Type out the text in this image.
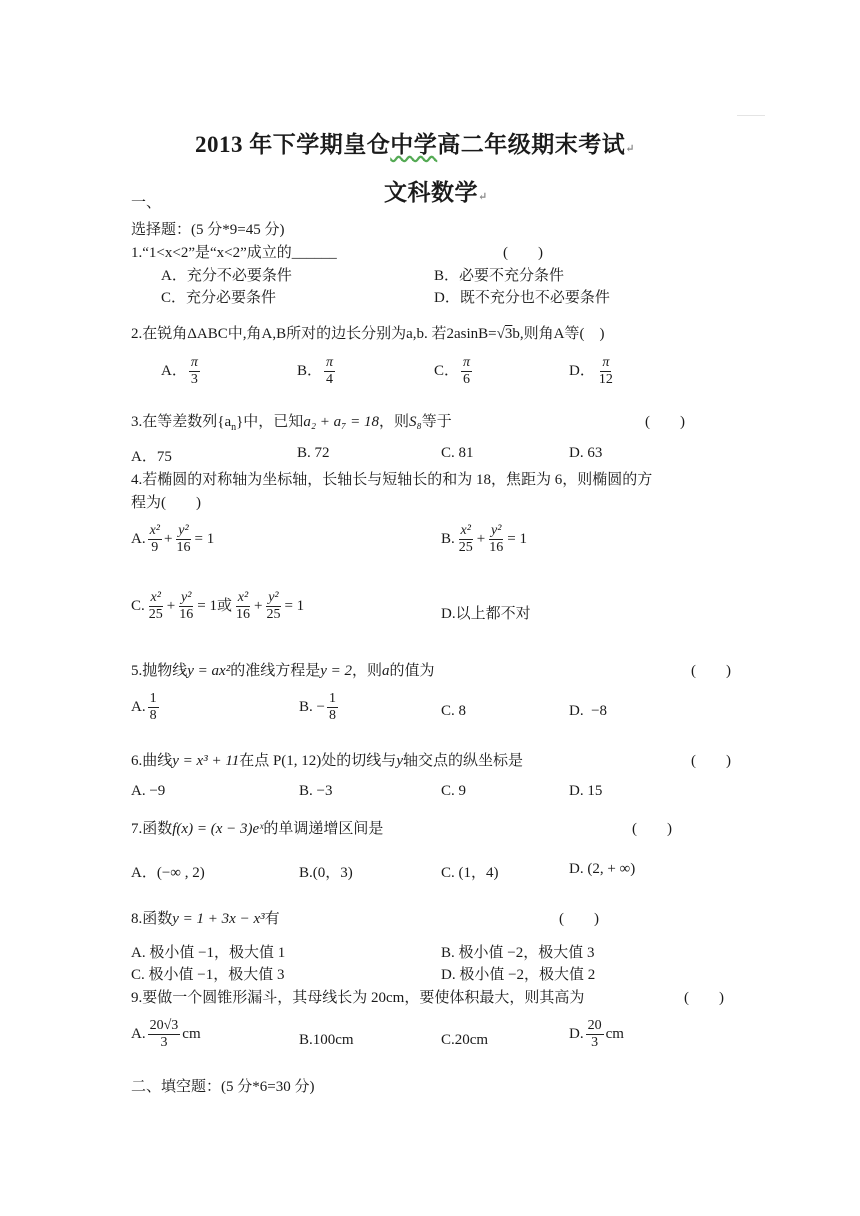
2013 年下学期皇仓中学高二年级期末考试↵
文科数学↵
一、
选择题：(5 分*9=45 分)
1.“1<x<2”是“x<2”成立的______	(　　)
A．充分不必要条件	B．必要不充分条件
C．充分必要条件	D．既不充分也不必要条件
2.在锐角ΔABC中,角A,B所对的边长分别为a,b. 若2asinB=√3b,则角A等(　)
A． $\frac{\pi}{3}$	B． $\frac{\pi}{4}$	C． $\frac{\pi}{6}$	D． $\frac{\pi}{12}$
3.在等差数列$\{a_n\}$中，已知a₂ + a₇ = 18，则S₈等于	(　　)
A．75	B. 72	C. 81	D. 63
4.若椭圆的对称轴为坐标轴，长轴长与短轴长的和为 18，焦距为 6，则椭圆的方
程为(　　)
A. $\frac{\text{x²}}{9} + \frac{\text{y²}}{16} = 1$	B. $\frac{\text{x²}}{25} + \frac{\text{y²}}{16} = 1$
C. $\frac{\text{x²}}{25} + \frac{\text{y²}}{16} = 1$或 $\frac{\text{x²}}{16} + \frac{\text{y²}}{25} = 1$	D.以上都不对
5.抛物线y = ax²的准线方程是y = 2，则a的值为	(　　)
A. $\frac{1}{8}$	B. − $\frac{1}{8}$	C. 8	D. −8
6.曲线y = x³ + 11在点 P(1, 12)处的切线与y轴交点的纵坐标是	(　　)
A. −9	B. −3	C. 9	D. 15
7.函数f(x) = (x − 3)eˣ的单调递增区间是	(　　)
A．(−∞ , 2)	B.(0，3)	C. (1，4)	D. (2, + ∞)
8.函数y = 1 + 3x − x³有	(　　)
A. 极小值 −1，极大值 1	B. 极小值 −2，极大值 3
C. 极小值 −1，极大值 3	D. 极小值 −2，极大值 2
9.要做一个圆锥形漏斗，其母线长为 20cm，要使体积最大，则其高为	(　　)
A. $\frac{20√3}{3}$ cm	B.100cm	C.20cm	D. $\frac{20}{3}$ cm
二、填空题：(5 分*6=30 分)
